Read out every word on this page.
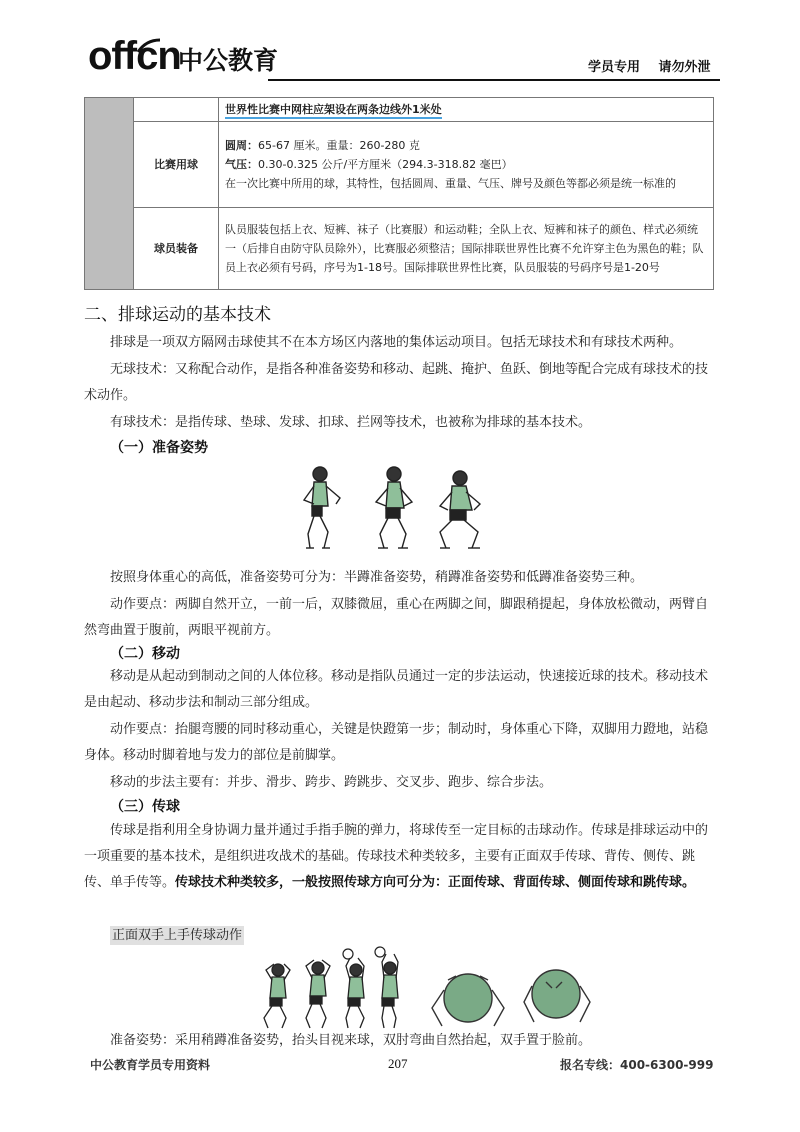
offcn
中公教育	学员专用 请勿外泄
		世界性比赛中网柱应架设在两条边线外1米处
	比赛用球	圆周：65-67 厘米。重量：260-280 克
气压：0.30-0.325 公斤/平方厘米（294.3-318.82 毫巴）
在一次比赛中所用的球，其特性，包括圆周、重量、气压、牌号及颜色等都必须是统一标准的

	球员装备	队员服装包括上衣、短裤、袜子（比赛服）和运动鞋；全队上衣、短裤和袜子的颜色、样式必须统一（后排自由防守队员除外），比赛服必须整洁；国际排联世界性比赛不允许穿主色为黑色的鞋；队员上衣必须有号码，序号为1-18号。国际排联世界性比赛，队员服装的号码序号是1-20号
二、排球运动的基本技术
排球是一项双方隔网击球使其不在本方场区内落地的集体运动项目。包括无球技术和有球技术两种。
无球技术：又称配合动作，是指各种准备姿势和移动、起跳、掩护、鱼跃、倒地等配合完成有球技术的技术动作。
有球技术：是指传球、垫球、发球、扣球、拦网等技术，也被称为排球的基本技术。
（一）准备姿势
按照身体重心的高低，准备姿势可分为：半蹲准备姿势，稍蹲准备姿势和低蹲准备姿势三种。
动作要点：两脚自然开立，一前一后，双膝微屈，重心在两脚之间，脚跟稍提起，身体放松微动，两臂自然弯曲置于腹前，两眼平视前方。
（二）移动
移动是从起动到制动之间的人体位移。移动是指队员通过一定的步法运动，快速接近球的技术。移动技术是由起动、移动步法和制动三部分组成。
动作要点：抬腿弯腰的同时移动重心，关键是快蹬第一步；制动时，身体重心下降，双脚用力蹬地，站稳身体。移动时脚着地与发力的部位是前脚掌。
移动的步法主要有：并步、滑步、跨步、跨跳步、交叉步、跑步、综合步法。
（三）传球
传球是指利用全身协调力量并通过手指手腕的弹力，将球传至一定目标的击球动作。传球是排球运动中的一项重要的基本技术，是组织进攻战术的基础。传球技术种类较多，主要有正面双手传球、背传、侧传、跳传、单手传等。传球技术种类较多，一般按照传球方向可分为：正面传球、背面传球、侧面传球和跳传球。
正面双手上手传球动作
准备姿势：采用稍蹲准备姿势，抬头目视来球，双肘弯曲自然抬起，双手置于脸前。
中公教育学员专用资料	207	报名专线：400-6300-999
